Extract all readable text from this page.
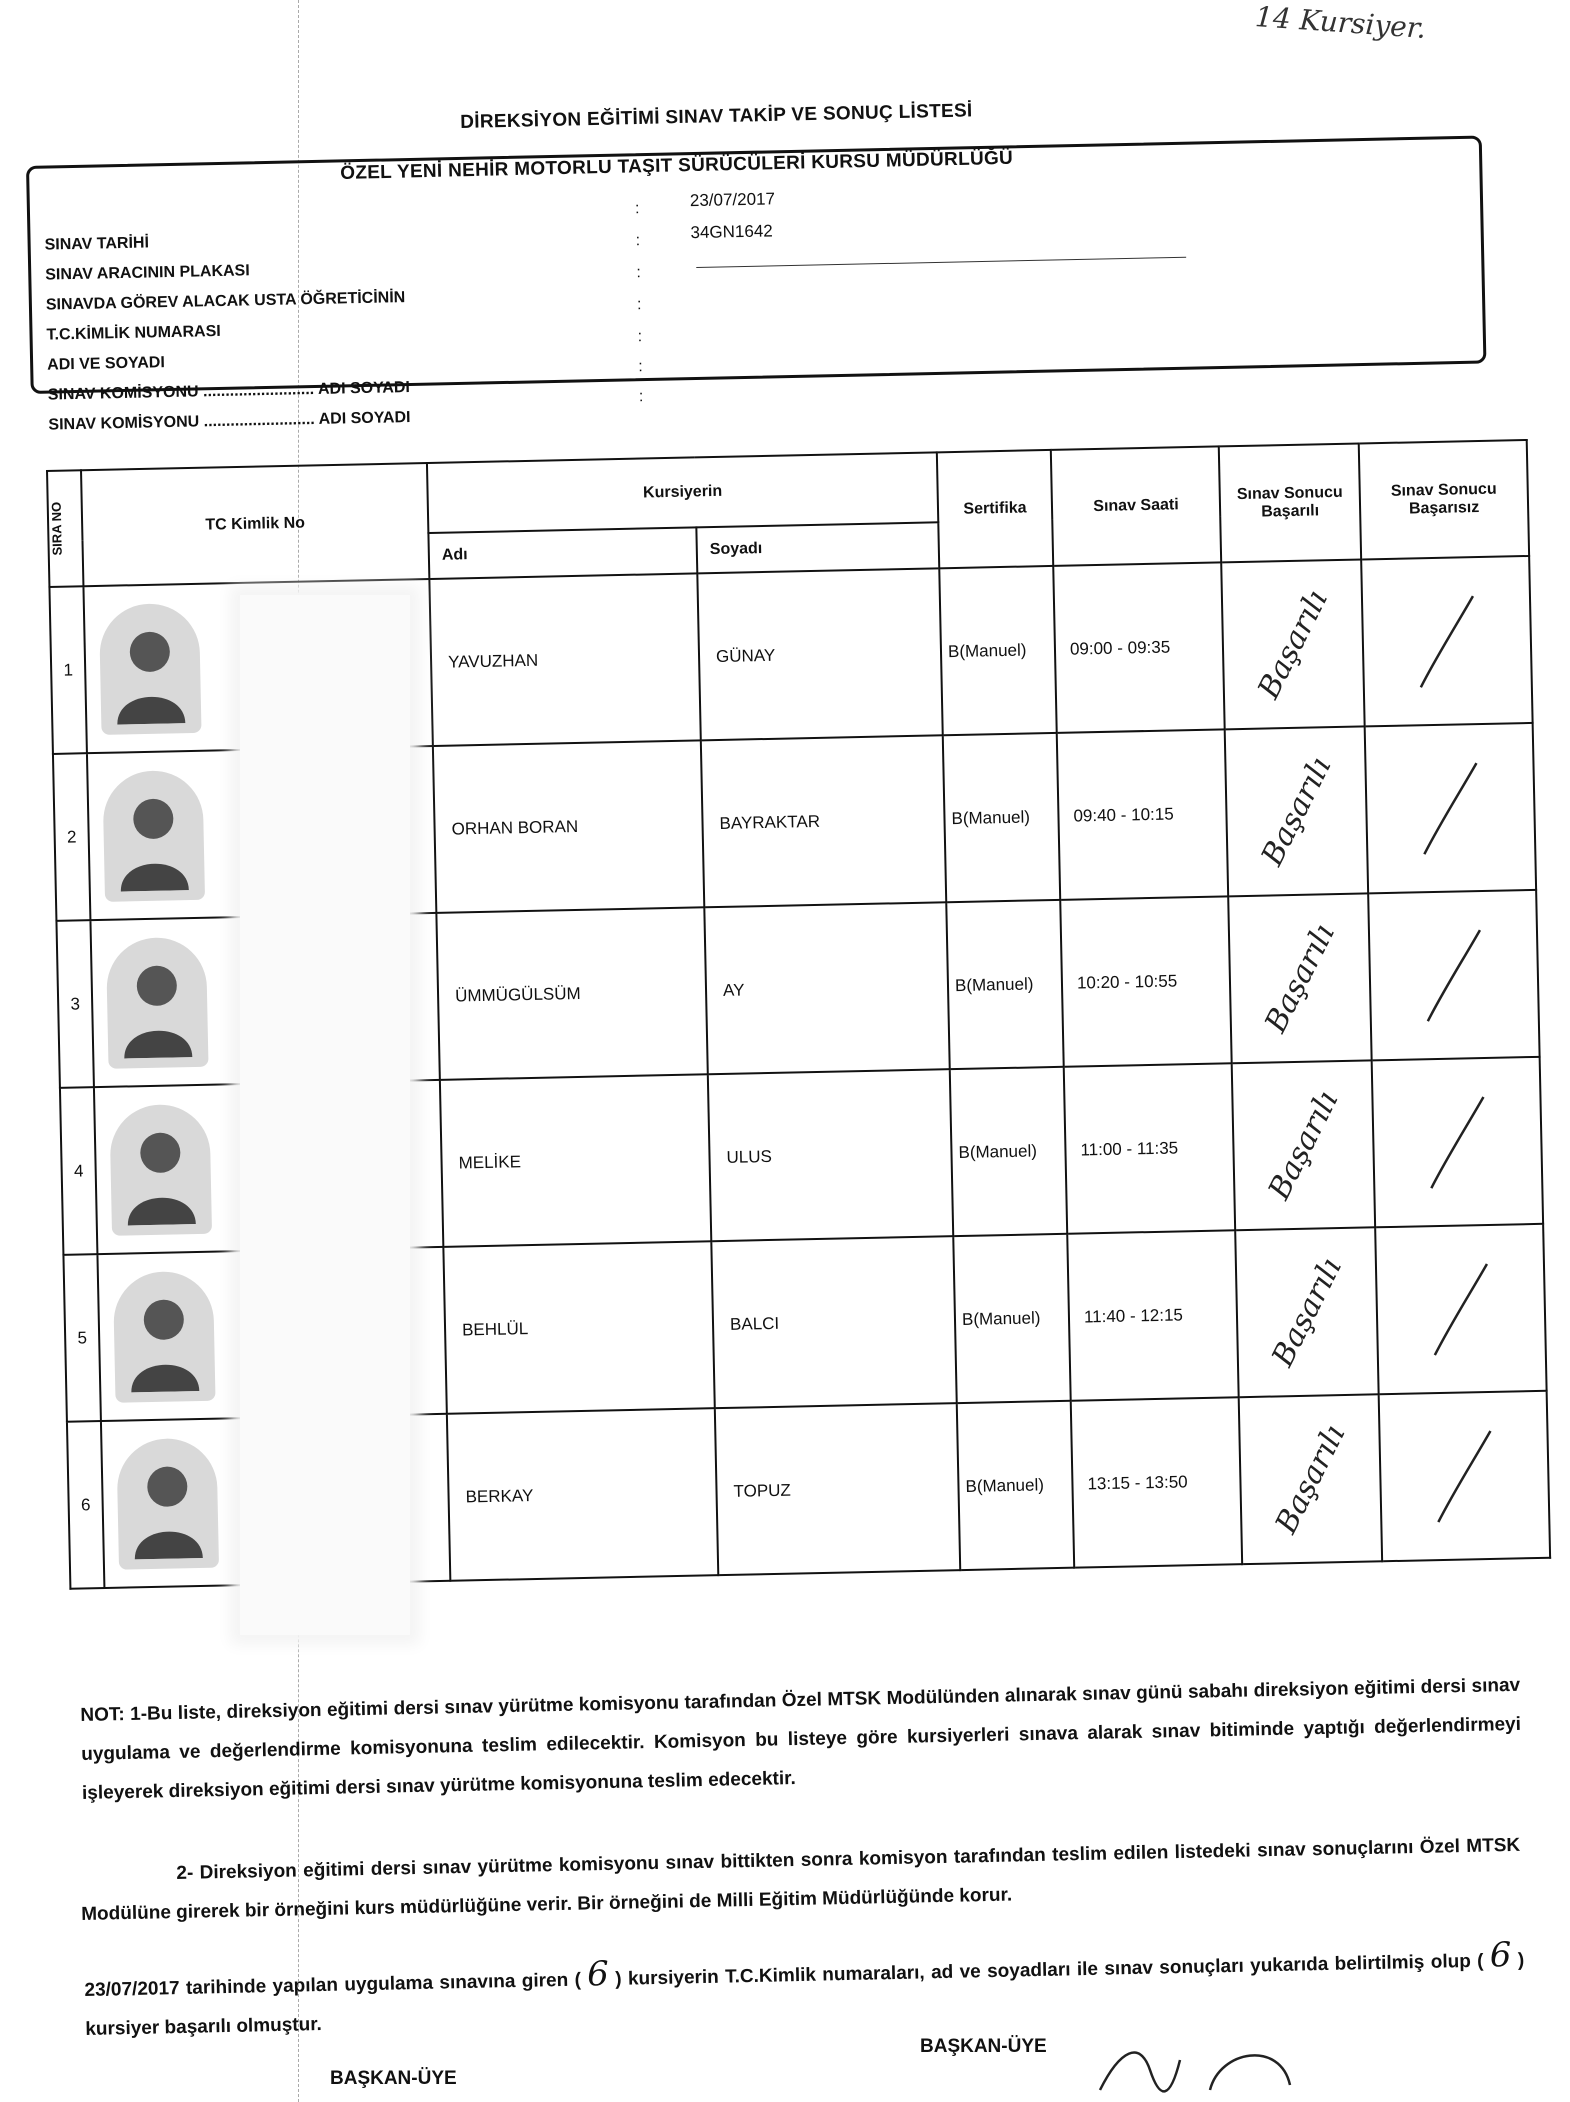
14 Kursiyer.
DİREKSİYON EĞİTİMİ SINAV TAKİP VE SONUÇ LİSTESİ
ÖZEL YENİ NEHİR MOTORLU TAŞIT SÜRÜCÜLERİ KURSU MÜDÜRLÜĞÜ
SINAV TARİHİ
:	23/07/2017
SINAV ARACININ PLAKASI
:	34GN1642
SINAVDA GÖREV ALACAK USTA ÖĞRETİCİNİN
:
T.C.KİMLİK NUMARASI
:
ADI VE SOYADI
:
SINAV KOMİSYONU ......................... ADI SOYADI
:
SINAV KOMİSYONU ......................... ADI SOYADI
:
SIRA NO	TC Kimlik No	Kursiyerin		Sertifika	Sınav Saati	Sınav Sonucu Başarılı	Sınav Sonucu Başarısız
		Adı	Soyadı				
1		YAVUZHAN	GÜNAY	B(Manuel)	09:00 - 09:35	Başarılı	

2		ORHAN BORAN	BAYRAKTAR	B(Manuel)	09:40 - 10:15	Başarılı	

3		ÜMMÜGÜLSÜM	AY	B(Manuel)	10:20 - 10:55	Başarılı	

4		MELİKE	ULUS	B(Manuel)	11:00 - 11:35	Başarılı	

5		BEHLÜL	BALCI	B(Manuel)	11:40 - 12:15	Başarılı	

6		BERKAY	TOPUZ	B(Manuel)	13:15 - 13:50	Başarılı	
NOT: 1-Bu liste, direksiyon eğitimi dersi sınav yürütme komisyonu tarafından Özel MTSK Modülünden alınarak sınav günü sabahı direksiyon eğitimi dersi sınav uygulama ve değerlendirme komisyonuna teslim edilecektir. Komisyon bu listeye göre kursiyerleri sınava alarak sınav bitiminde yaptığı değerlendirmeyi işleyerek direksiyon eğitimi dersi sınav yürütme komisyonuna teslim edecektir.
2- Direksiyon eğitimi dersi sınav yürütme komisyonu sınav bittikten sonra komisyon tarafından teslim edilen listedeki sınav sonuçlarını Özel MTSK Modülüne girerek bir örneğini kurs müdürlüğüne verir. Bir örneğini de Milli Eğitim Müdürlüğünde korur.
23/07/2017 tarihinde yapılan uygulama sınavına giren ( 6 ) kursiyerin T.C.Kimlik numaraları, ad ve soyadları ile sınav sonuçları yukarıda belirtilmiş olup ( 6 ) kursiyer başarılı olmuştur.
BAŞKAN-ÜYE
BAŞKAN-ÜYE
